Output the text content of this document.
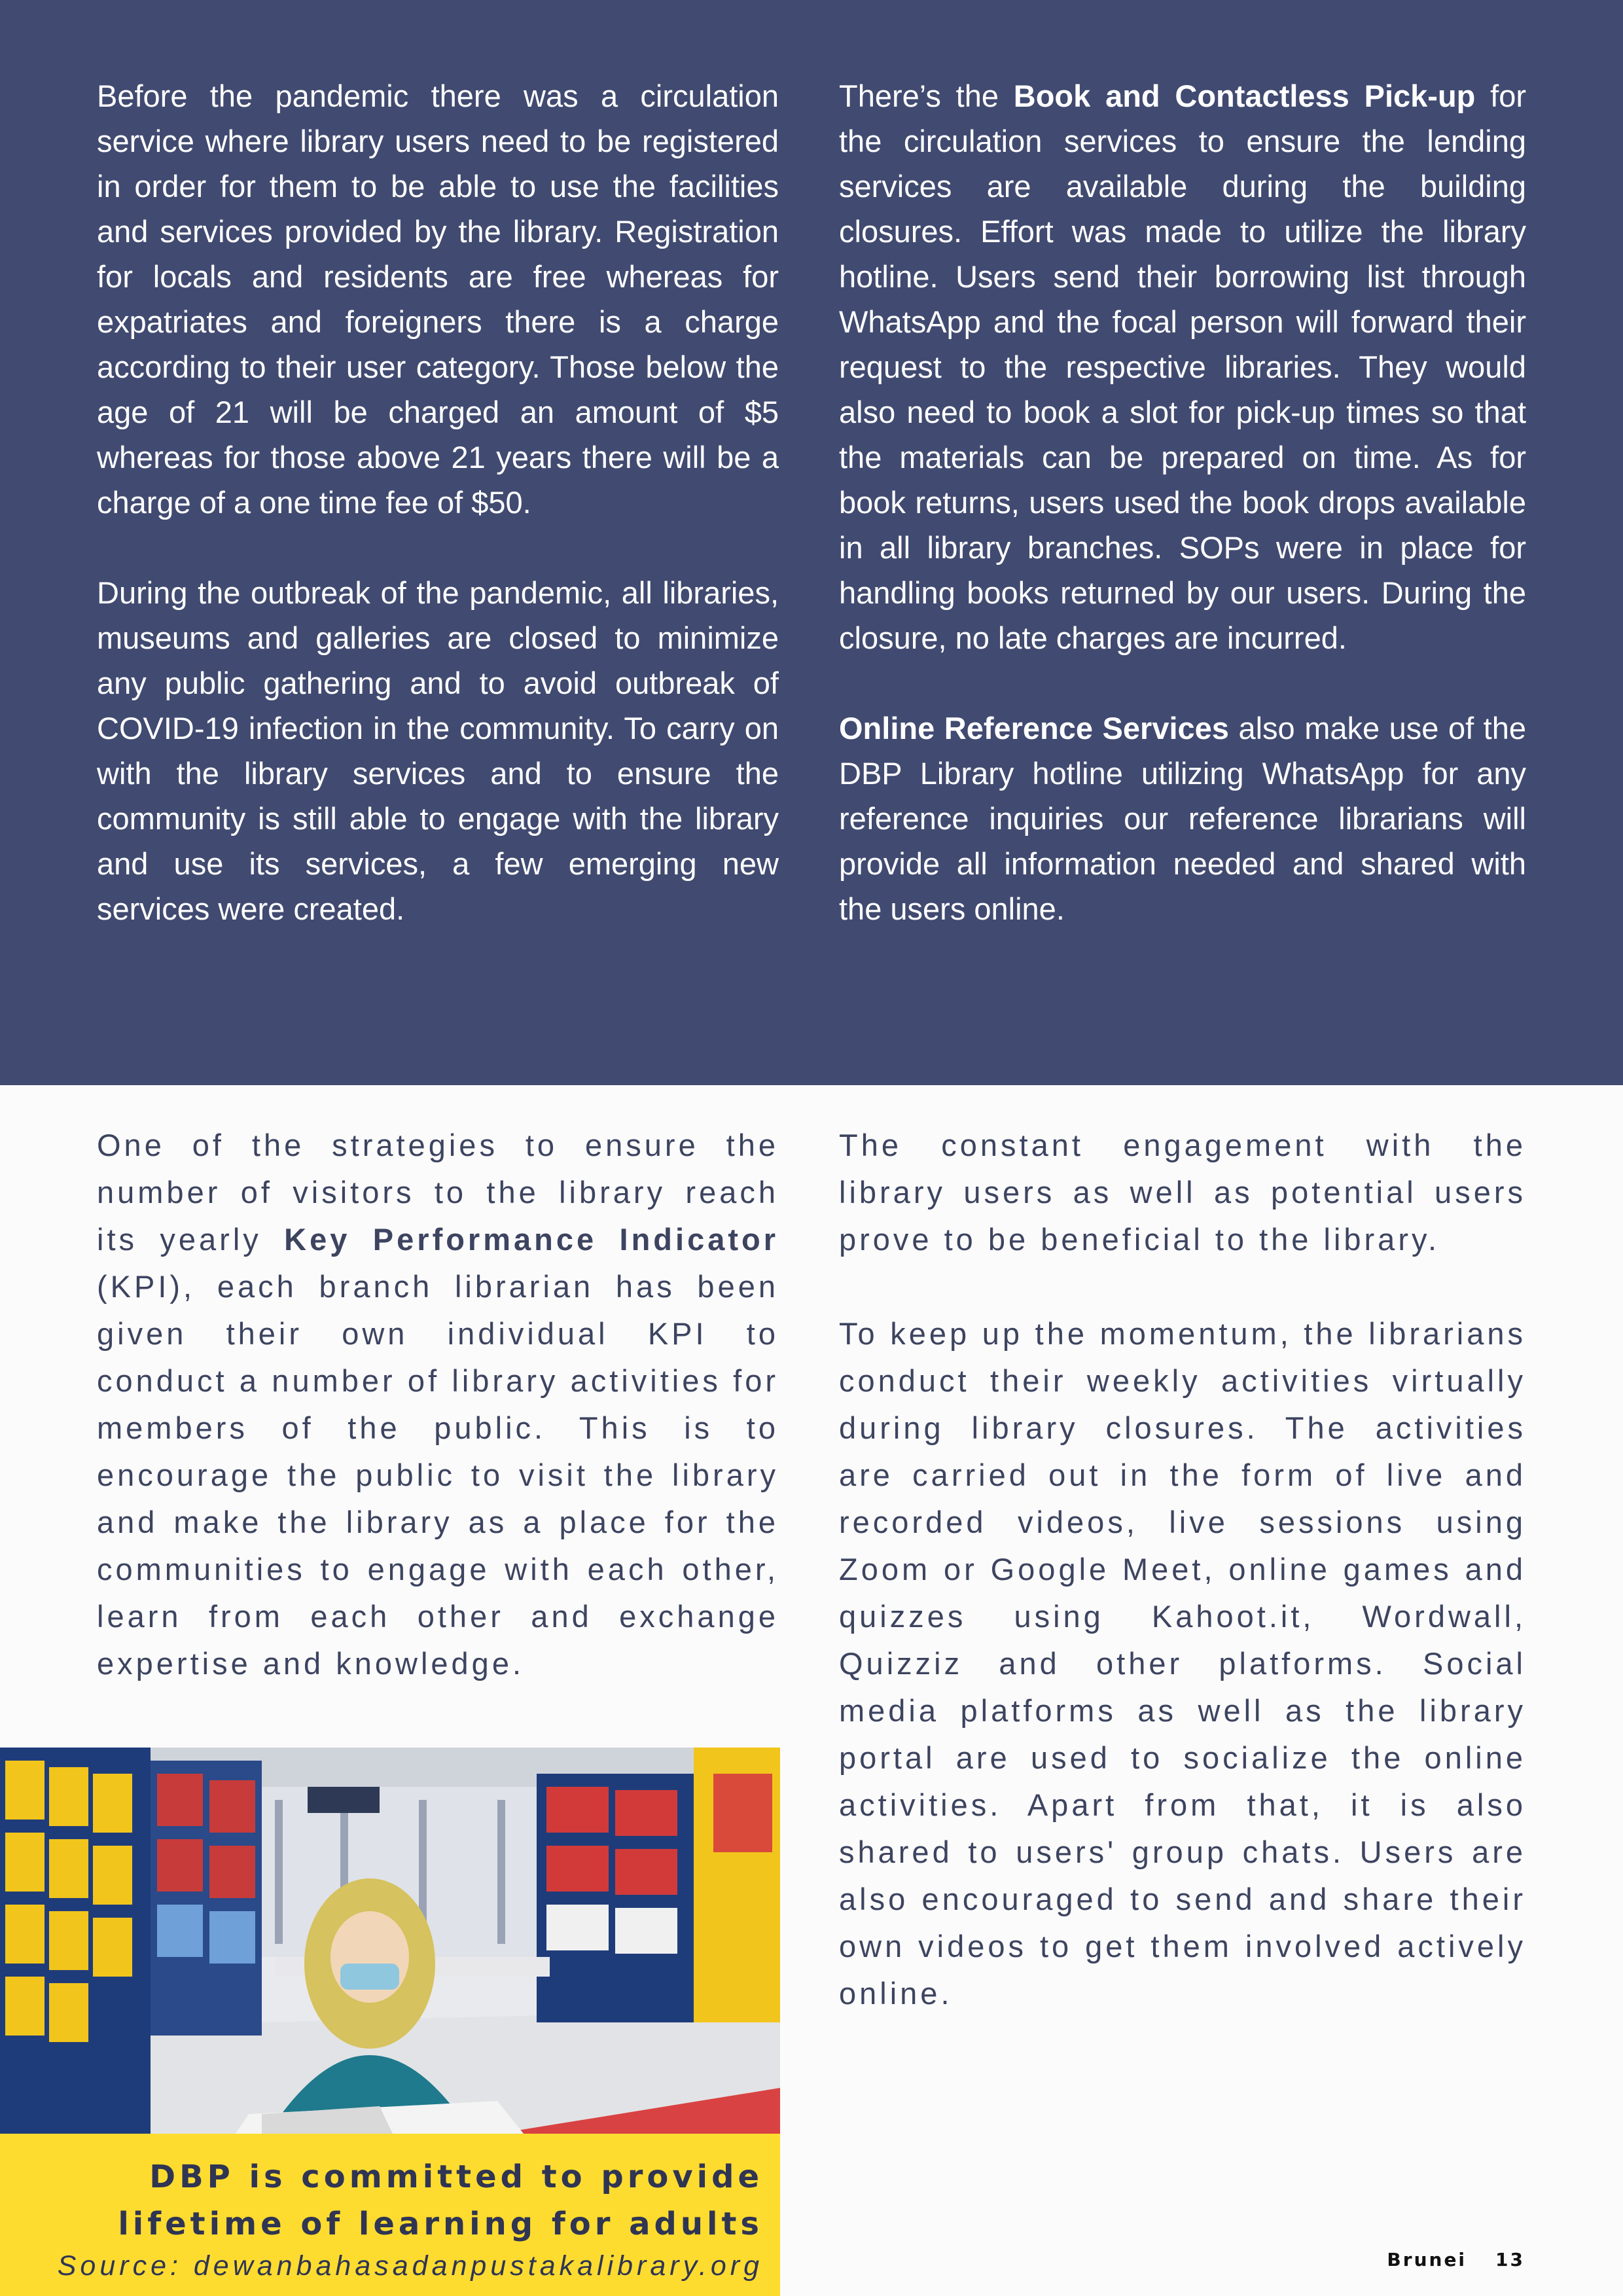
Before the pandemic there was a circulation service where library users need to be registered in order for them to be able to use the facilities and services provided by the library. Registration for locals and residents are free whereas for expatriates and foreigners there is a charge according to their user category. Those below the age of 21 will be charged an amount of $5 whereas for those above 21 years there will be a charge of a one time fee of $50.

During the outbreak of the pandemic, all libraries, museums and galleries are closed to minimize any public gathering and to avoid outbreak of COVID-19 infection in the community. To carry on with the library services and to ensure the community is still able to engage with the library and use its services, a few emerging new services were created.

There’s the Book and Contactless Pick-up for the circulation services to ensure the lending services are available during the building closures. Effort was made to utilize the library hotline. Users send their borrowing list through WhatsApp and the focal person will forward their request to the respective libraries. They would also need to book a slot for pick-up times so that the materials can be prepared on time. As for book returns, users used the book drops available in all library branches. SOPs were in place for handling books returned by our users. During the closure, no late charges are incurred.

Online Reference Services also make use of the DBP Library hotline utilizing WhatsApp for any reference inquiries our reference librarians will provide all information needed and shared with the users online.

One of the strategies to ensure the number of visitors to the library reach its yearly Key Performance Indicator (KPI), each branch librarian has been given their own individual KPI to conduct a number of library activities for members of the public. This is to encourage the public to visit the library and make the library as a place for the communities to engage with each other, learn from each other and exchange expertise and knowledge.

The constant engagement with the library users as well as potential users prove to be beneficial to the library.

To keep up the momentum, the librarians conduct their weekly activities virtually during library closures. The activities are carried out in the form of live and recorded videos, live sessions using Zoom or Google Meet, online games and quizzes using Kahoot.it, Wordwall, Quizziz and other platforms. Social media platforms as well as the library portal are used to socialize the online activities. Apart from that, it is also shared to users' group chats. Users are also encouraged to send and share their own videos to get them involved actively online.

DBP is committed to provide lifetime of learning for adults
Source: dewanbahasadanpustakalibrary.org	Brunei 13
